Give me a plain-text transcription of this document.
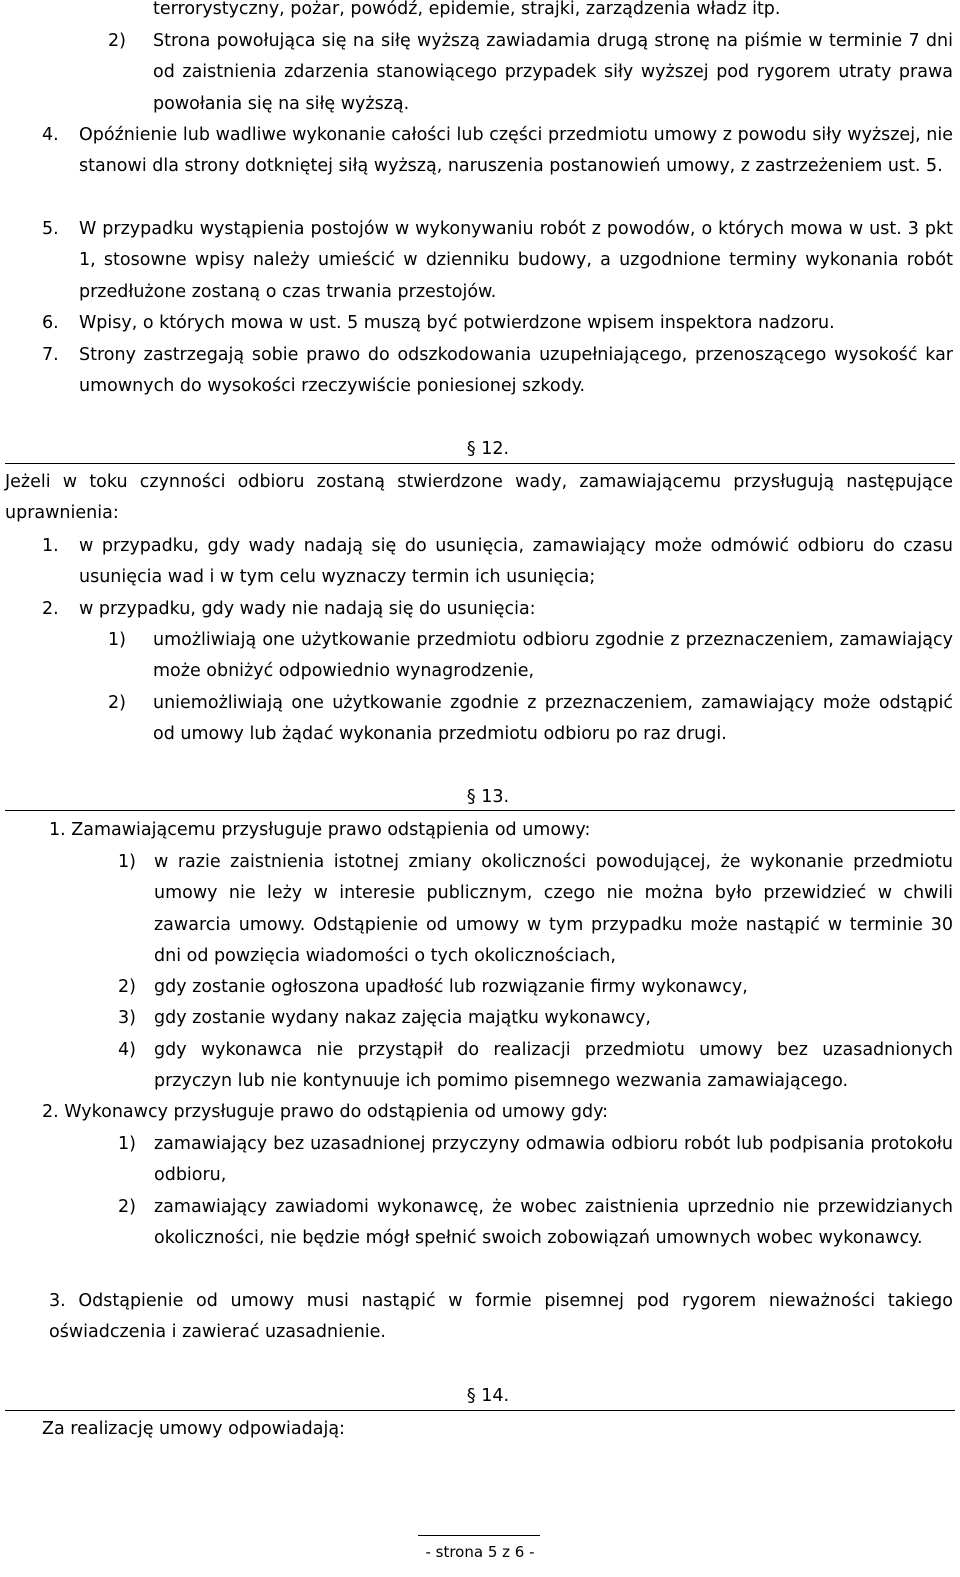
terrorystyczny, pożar, powódź, epidemie, strajki, zarządzenia władz itp.
2) Strona powołująca się na siłę wyższą zawiadamia drugą stronę na piśmie w terminie 7 dni od zaistnienia zdarzenia stanowiącego przypadek siły wyższej pod rygorem utraty prawa powołania się na siłę wyższą.
4. Opóźnienie lub wadliwe wykonanie całości lub części przedmiotu umowy z powodu siły wyższej, nie stanowi dla strony dotkniętej siłą wyższą, naruszenia postanowień umowy, z zastrzeżeniem ust. 5.
5. W przypadku wystąpienia postojów w wykonywaniu robót z powodów, o których mowa w ust. 3 pkt 1, stosowne wpisy należy umieścić w dzienniku budowy, a uzgodnione terminy wykonania robót przedłużone zostaną o czas trwania przestojów.
6. Wpisy, o których mowa w ust. 5 muszą być potwierdzone wpisem inspektora nadzoru.
7. Strony zastrzegają sobie prawo do odszkodowania uzupełniającego, przenoszącego wysokość kar umownych do wysokości rzeczywiście poniesionej szkody.
§ 12.
Jeżeli w toku czynności odbioru zostaną stwierdzone wady, zamawiającemu przysługują następujące uprawnienia:
1. w przypadku, gdy wady nadają się do usunięcia, zamawiający może odmówić odbioru do czasu usunięcia wad i w tym celu wyznaczy termin ich usunięcia;
2. w przypadku, gdy wady nie nadają się do usunięcia:
1) umożliwiają one użytkowanie przedmiotu odbioru zgodnie z przeznaczeniem, zamawiający może obniżyć odpowiednio wynagrodzenie,
2) uniemożliwiają one użytkowanie zgodnie z przeznaczeniem, zamawiający może odstąpić od umowy lub żądać wykonania przedmiotu odbioru po raz drugi.
§ 13.
1. Zamawiającemu przysługuje prawo odstąpienia od umowy:
1) w razie zaistnienia istotnej zmiany okoliczności powodującej, że wykonanie przedmiotu umowy nie leży w interesie publicznym, czego nie można było przewidzieć w chwili zawarcia umowy. Odstąpienie od umowy w tym przypadku może nastąpić w terminie 30 dni od powzięcia wiadomości o tych okolicznościach,
2) gdy zostanie ogłoszona upadłość lub rozwiązanie firmy wykonawcy,
3) gdy zostanie wydany nakaz zajęcia majątku wykonawcy,
4) gdy wykonawca nie przystąpił do realizacji przedmiotu umowy bez uzasadnionych przyczyn lub nie kontynuuje ich pomimo pisemnego wezwania zamawiającego.
2. Wykonawcy przysługuje prawo do odstąpienia od umowy gdy:
1) zamawiający bez uzasadnionej przyczyny odmawia odbioru robót lub podpisania protokołu odbioru,
2) zamawiający zawiadomi wykonawcę, że wobec zaistnienia uprzednio nie przewidzianych okoliczności, nie będzie mógł spełnić swoich zobowiązań umownych wobec wykonawcy.
3. Odstąpienie od umowy musi nastąpić w formie pisemnej pod rygorem nieważności takiego oświadczenia i zawierać uzasadnienie.
§ 14.
Za realizację umowy odpowiadają:
- strona 5 z 6 -
